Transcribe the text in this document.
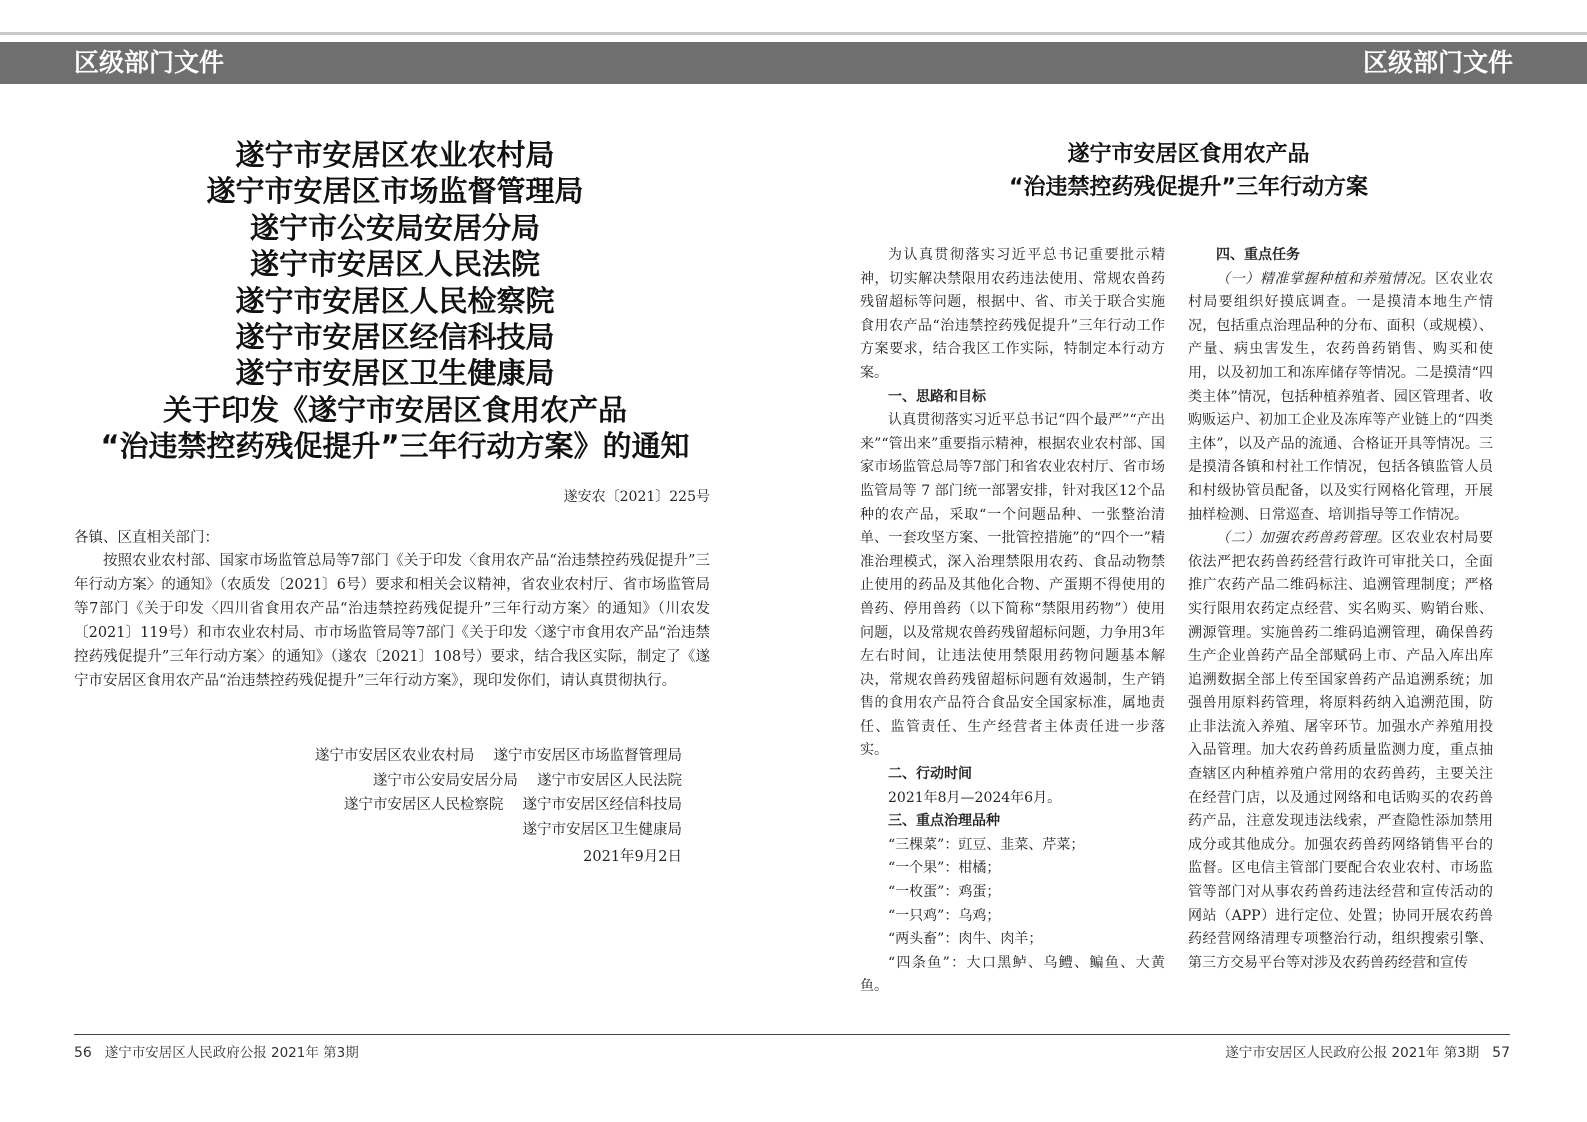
区级部门文件
遂宁市安居区农业农村局
遂宁市安居区市场监督管理局
遂宁市公安局安居分局
遂宁市安居区人民法院
遂宁市安居区人民检察院
遂宁市安居区经信科技局
遂宁市安居区卫生健康局
关于印发《遂宁市安居区食用农产品
“治违禁控药残促提升”三年行动方案》的通知
遂安农〔2021〕225号
各镇、区直相关部门：

按照农业农村部、国家市场监管总局等7部门《关于印发〈食用农产品“治违禁控药残促提升”三年行动方案〉的通知》（农质发〔2021〕6号）要求和相关会议精神，省农业农村厅、省市场监管局等7部门《关于印发〈四川省食用农产品“治违禁控药残促提升”三年行动方案〉的通知》（川农发〔2021〕119号）和市农业农村局、市市场监管局等7部门《关于印发〈遂宁市食用农产品“治违禁控药残促提升”三年行动方案〉的通知》（遂农〔2021〕108号）要求，结合我区实际，制定了《遂宁市安居区食用农产品“治违禁控药残促提升”三年行动方案》，现印发你们，请认真贯彻执行。

遂宁市安居区农业农村局　 遂宁市安居区市场监督管理局
遂宁市公安局安居分局　 遂宁市安居区人民法院
遂宁市安居区人民检察院　 遂宁市安居区经信科技局
遂宁市安居区卫生健康局
2021年9月2日
56 遂宁市安居区人民政府公报 2021年 第3期
区级部门文件
遂宁市安居区食用农产品
“治违禁控药残促提升”三年行动方案

为认真贯彻落实习近平总书记重要批示精神，切实解决禁限用农药违法使用、常规农兽药残留超标等问题，根据中、省、市关于联合实施食用农产品“治违禁控药残促提升”三年行动工作方案要求，结合我区工作实际，特制定本行动方案。

一、思路和目标

认真贯彻落实习近平总书记“四个最严”“产出来”“管出来”重要指示精神，根据农业农村部、国家市场监管总局等7部门和省农业农村厅、省市场监管局等 7 部门统一部署安排，针对我区12个品种的农产品，采取“一个问题品种、一张整治清单、一套攻坚方案、一批管控措施”的“四个一”精准治理模式，深入治理禁限用农药、食品动物禁止使用的药品及其他化合物、产蛋期不得使用的兽药、停用兽药（以下简称“禁限用药物”）使用问题，以及常规农兽药残留超标问题，力争用3年左右时间，让违法使用禁限用药物问题基本解决，常规农兽药残留超标问题有效遏制，生产销售的食用农产品符合食品安全国家标准，属地责任、监管责任、生产经营者主体责任进一步落实。

二、行动时间

2021年8月—2024年6月。

三、重点治理品种
“三棵菜”：豇豆、韭菜、芹菜；
“一个果”：柑橘；
“一枚蛋”：鸡蛋；
“一只鸡”：乌鸡；
“两头畜”：肉牛、肉羊；
“四条鱼”：大口黑鲈、乌鳢、鳊鱼、大黄鱼。
四、重点任务

（一）精准掌握种植和养殖情况。区农业农村局要组织好摸底调查。一是摸清本地生产情况，包括重点治理品种的分布、面积（或规模）、产量、病虫害发生，农药兽药销售、购买和使用，以及初加工和冻库储存等情况。二是摸清“四类主体”情况，包括种植养殖者、园区管理者、收购贩运户、初加工企业及冻库等产业链上的“四类主体”，以及产品的流通、合格证开具等情况。三是摸清各镇和村社工作情况，包括各镇监管人员和村级协管员配备，以及实行网格化管理，开展抽样检测、日常巡查、培训指导等工作情况。

（二）加强农药兽药管理。区农业农村局要依法严把农药兽药经营行政许可审批关口，全面推广农药产品二维码标注、追溯管理制度；严格实行限用农药定点经营、实名购买、购销台账、溯源管理。实施兽药二维码追溯管理，确保兽药生产企业兽药产品全部赋码上市、产品入库出库追溯数据全部上传至国家兽药产品追溯系统；加强兽用原料药管理，将原料药纳入追溯范围，防止非法流入养殖、屠宰环节。加强水产养殖用投入品管理。加大农药兽药质量监测力度，重点抽查辖区内种植养殖户常用的农药兽药，主要关注在经营门店，以及通过网络和电话购买的农药兽药产品，注意发现违法线索，严查隐性添加禁用成分或其他成分。加强农药兽药网络销售平台的监督。区电信主管部门要配合农业农村、市场监管等部门对从事农药兽药违法经营和宣传活动的网站（APP）进行定位、处置；协同开展农药兽药经营网络清理专项整治行动，组织搜索引擎、第三方交易平台等对涉及农药兽药经营和宣传

遂宁市安居区人民政府公报 2021年 第3期 57
